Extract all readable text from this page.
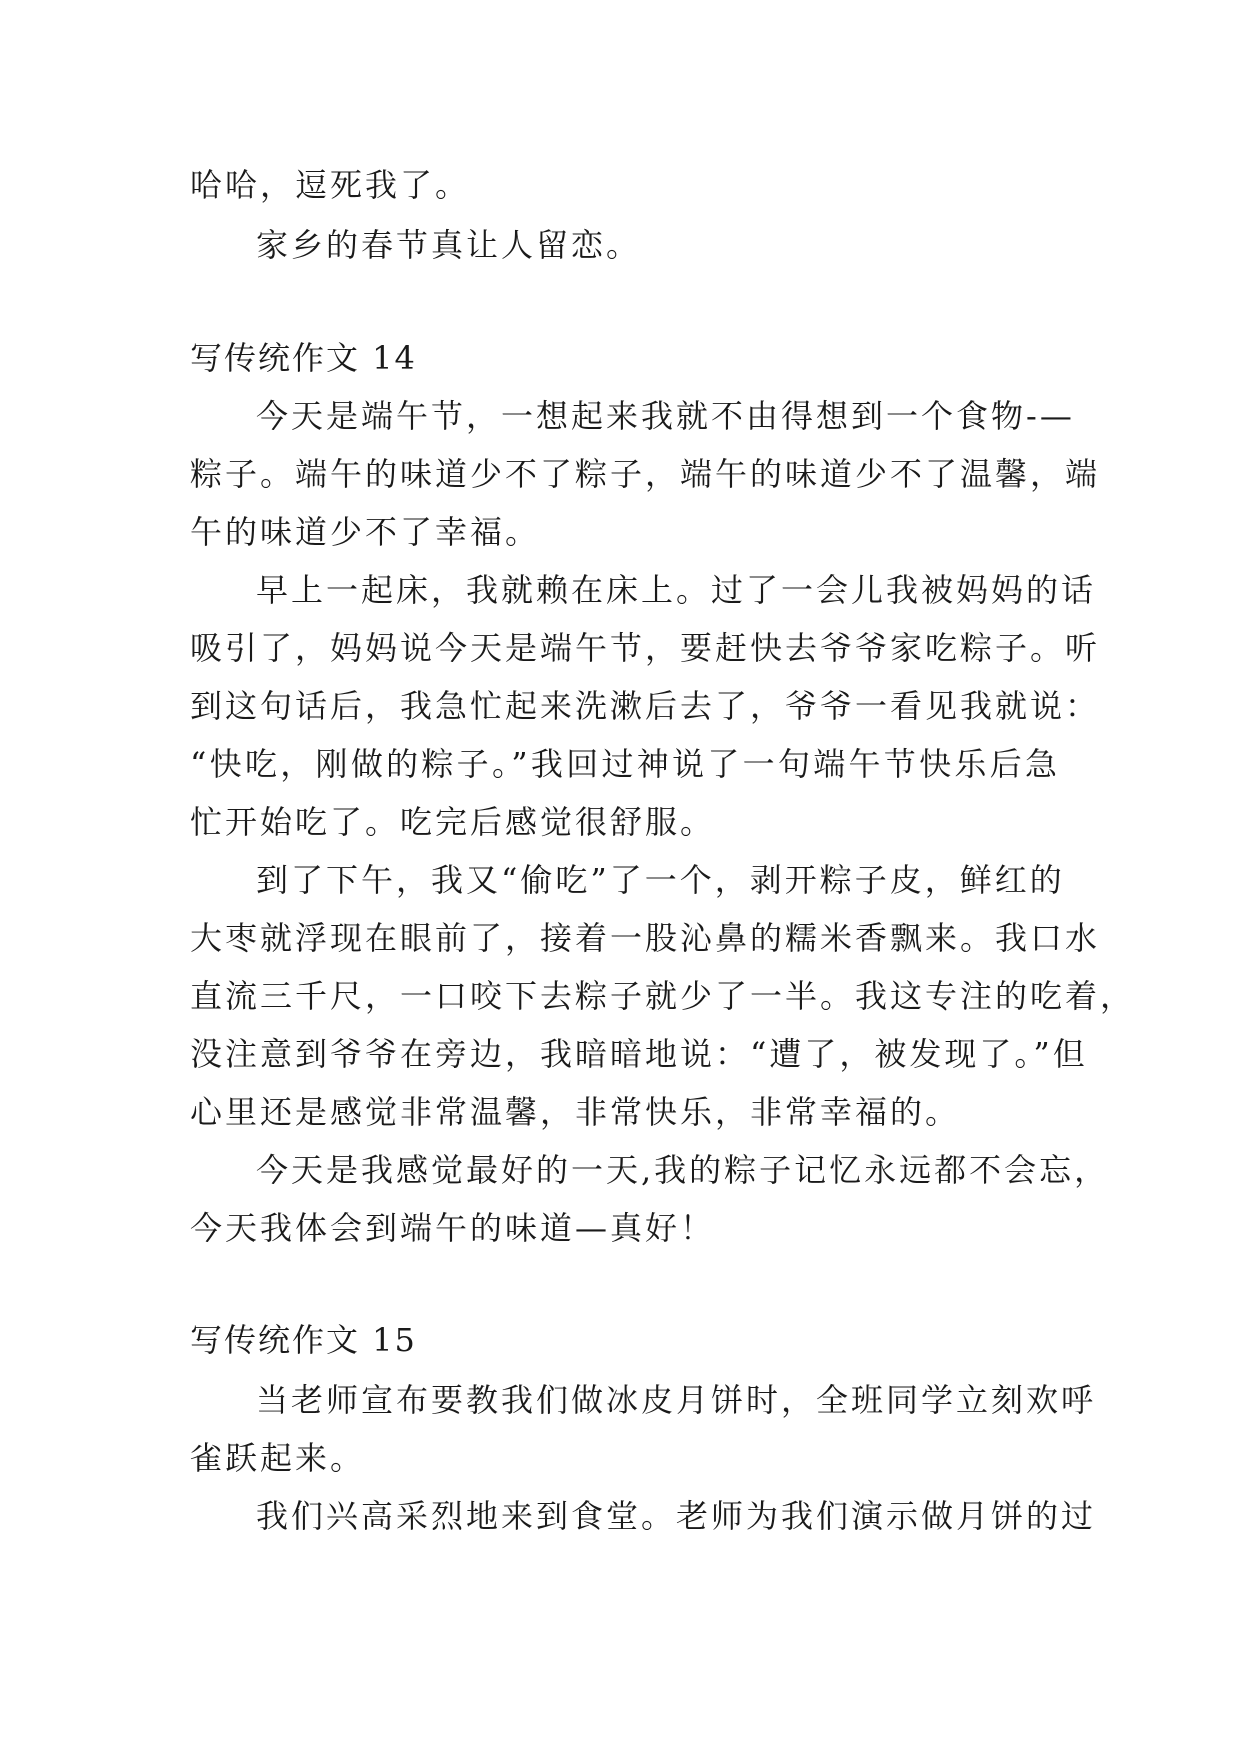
哈哈，逗死我了。
家乡的春节真让人留恋。
写传统作文 14
今天是端午节，一想起来我就不由得想到一个食物-—
粽子。端午的味道少不了粽子，端午的味道少不了温馨，端
午的味道少不了幸福。
早上一起床，我就赖在床上。过了一会儿我被妈妈的话
吸引了，妈妈说今天是端午节，要赶快去爷爷家吃粽子。听
到这句话后，我急忙起来洗漱后去了，爷爷一看见我就说：
“快吃，刚做的粽子。”我回过神说了一句端午节快乐后急
忙开始吃了。吃完后感觉很舒服。
到了下午，我又“偷吃”了一个，剥开粽子皮，鲜红的
大枣就浮现在眼前了，接着一股沁鼻的糯米香飘来。我口水
直流三千尺，一口咬下去粽子就少了一半。我这专注的吃着，
没注意到爷爷在旁边，我暗暗地说：“遭了，被发现了。”但
心里还是感觉非常温馨，非常快乐，非常幸福的。
今天是我感觉最好的一天,我的粽子记忆永远都不会忘，
今天我体会到端午的味道—真好！
写传统作文 15
当老师宣布要教我们做冰皮月饼时，全班同学立刻欢呼
雀跃起来。
我们兴高采烈地来到食堂。老师为我们演示做月饼的过
